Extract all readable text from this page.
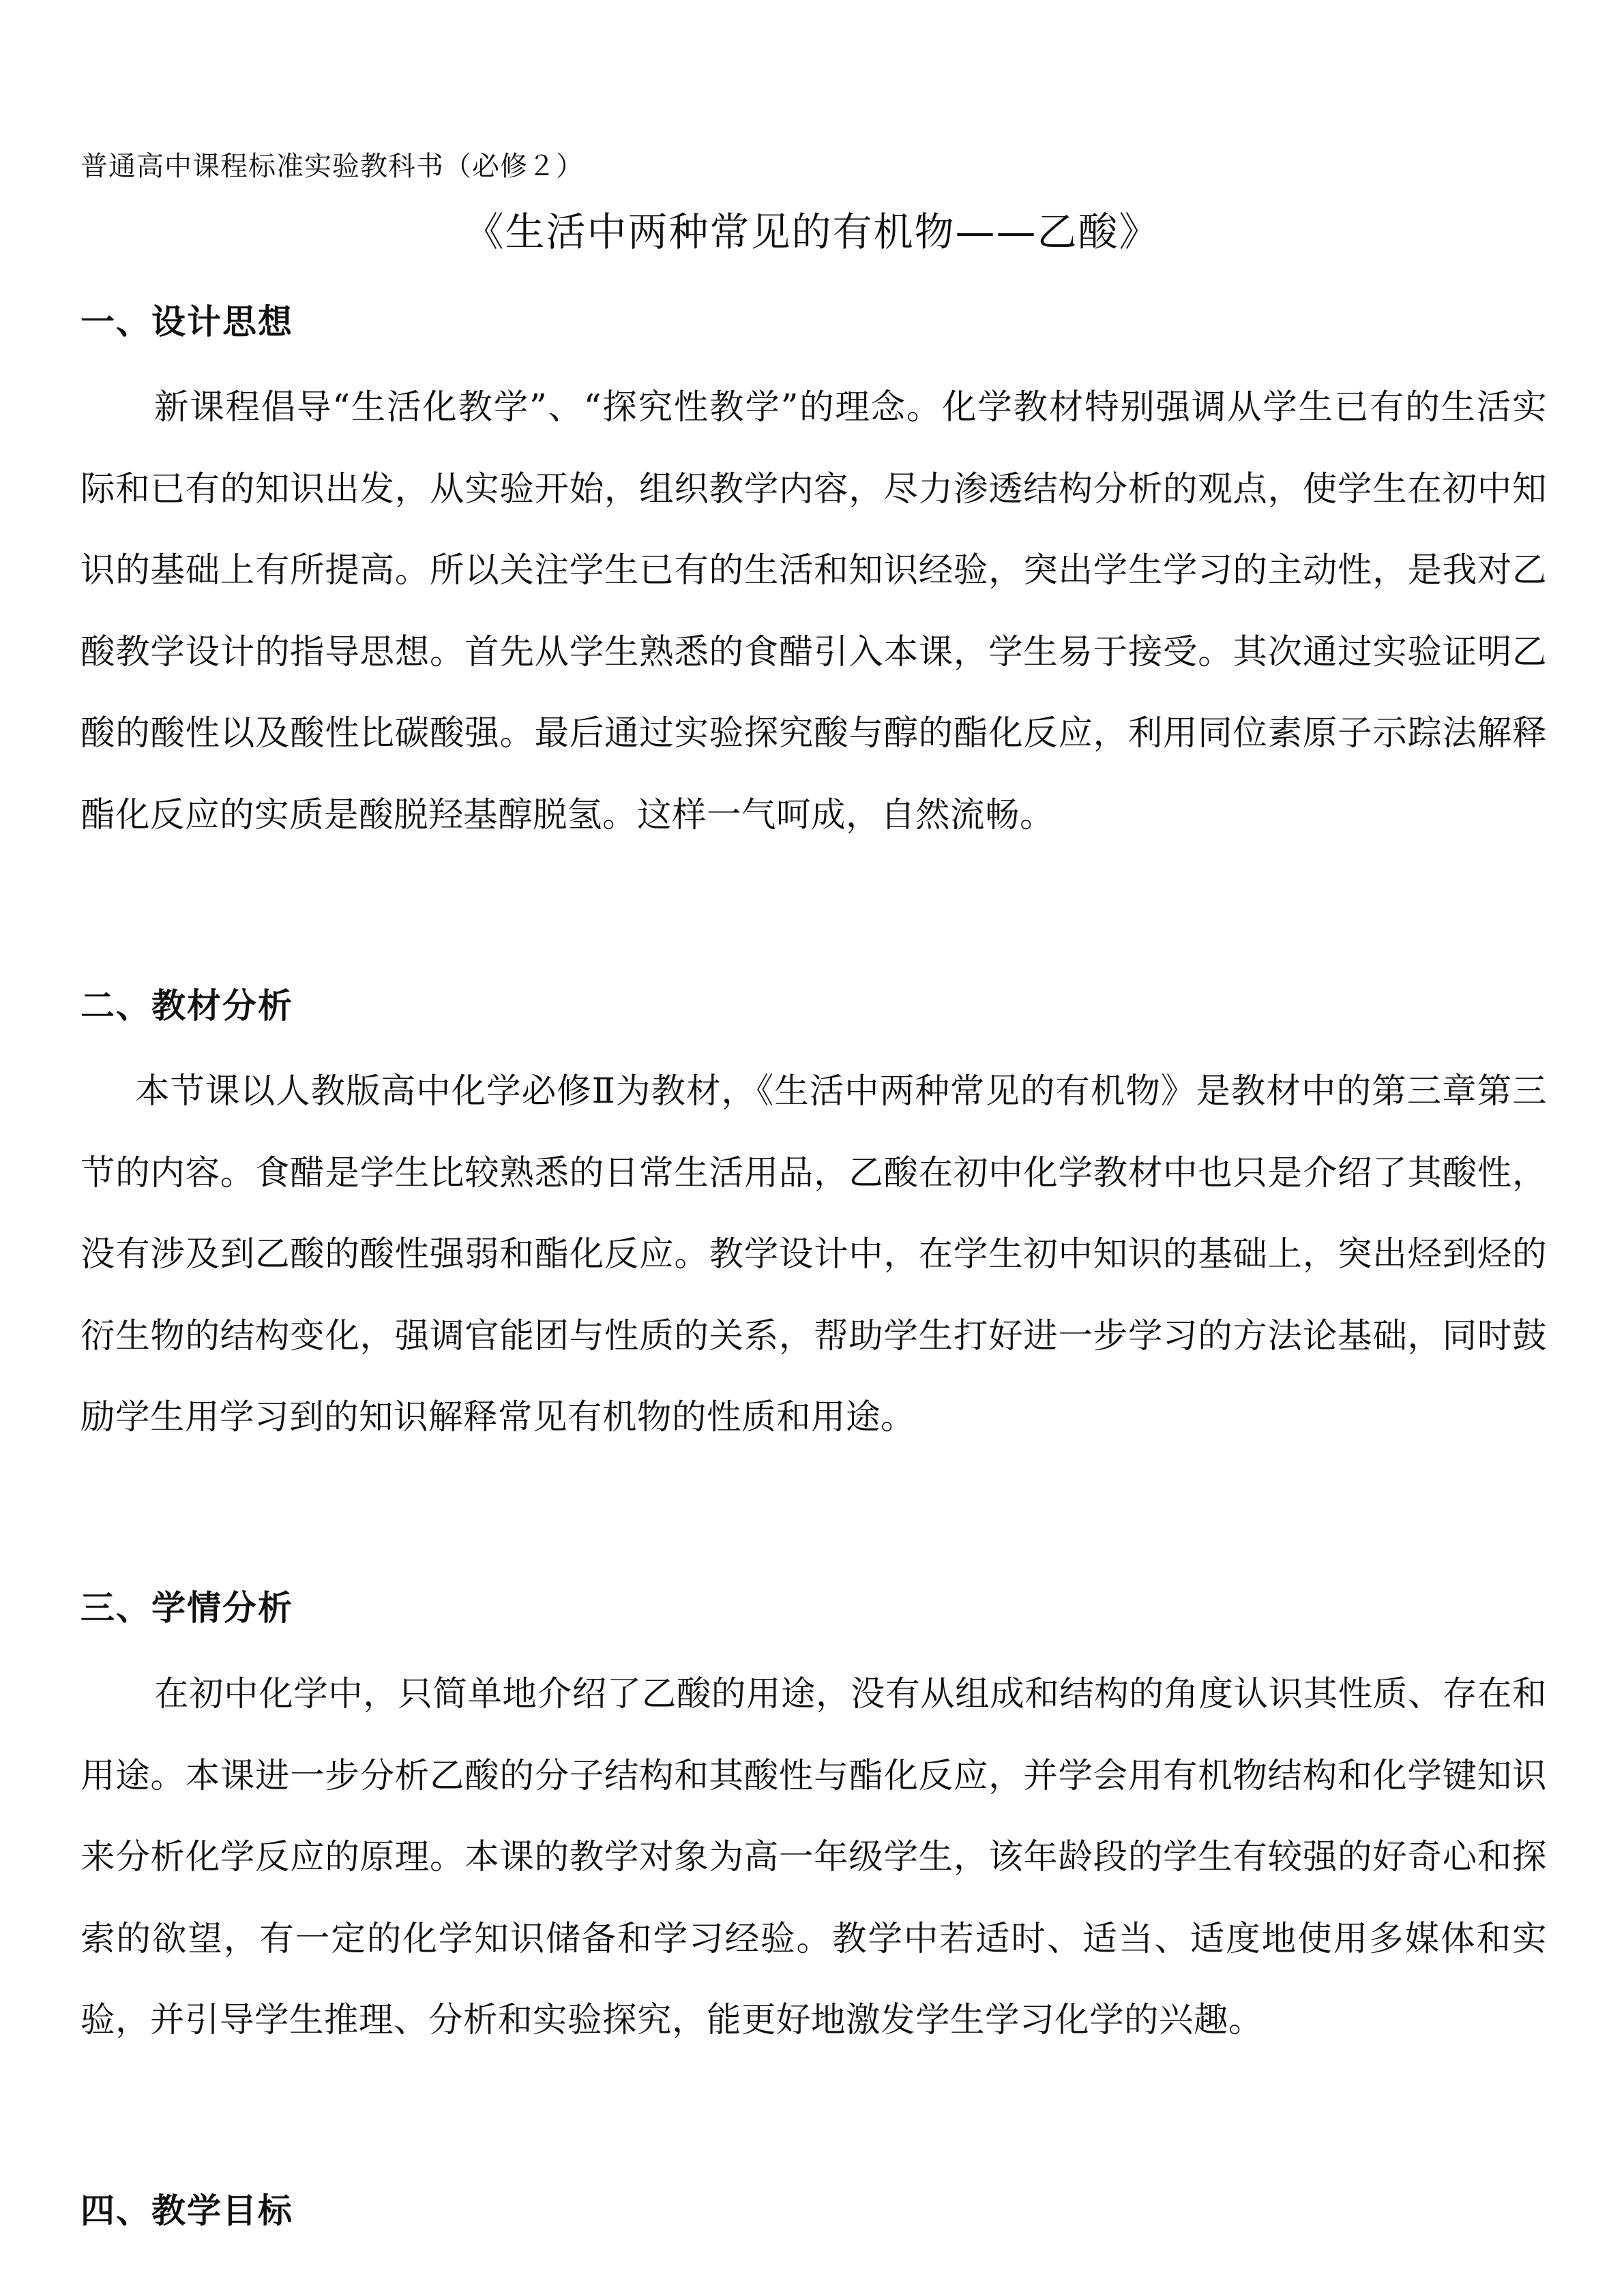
普通高中课程标准实验教科书（必修２）
《生活中两种常见的有机物——乙酸》
一、设计思想
新课程倡导“生活化教学”、“探究性教学”的理念。化学教材特别强调从学生已有的生活实际和已有的知识出发，从实验开始，组织教学内容，尽力渗透结构分析的观点，使学生在初中知识的基础上有所提高。所以关注学生已有的生活和知识经验，突出学生学习的主动性，是我对乙酸教学设计的指导思想。首先从学生熟悉的食醋引入本课，学生易于接受。其次通过实验证明乙酸的酸性以及酸性比碳酸强。最后通过实验探究酸与醇的酯化反应，利用同位素原子示踪法解释酯化反应的实质是酸脱羟基醇脱氢。这样一气呵成，自然流畅。
二、教材分析
本节课以人教版高中化学必修Ⅱ为教材，《生活中两种常见的有机物》是教材中的第三章第三节的内容。食醋是学生比较熟悉的日常生活用品，乙酸在初中化学教材中也只是介绍了其酸性，没有涉及到乙酸的酸性强弱和酯化反应。教学设计中，在学生初中知识的基础上，突出烃到烃的衍生物的结构变化，强调官能团与性质的关系，帮助学生打好进一步学习的方法论基础，同时鼓励学生用学习到的知识解释常见有机物的性质和用途。
三、学情分析
在初中化学中，只简单地介绍了乙酸的用途，没有从组成和结构的角度认识其性质、存在和用途。本课进一步分析乙酸的分子结构和其酸性与酯化反应，并学会用有机物结构和化学键知识来分析化学反应的原理。本课的教学对象为高一年级学生，该年龄段的学生有较强的好奇心和探索的欲望，有一定的化学知识储备和学习经验。教学中若适时、适当、适度地使用多媒体和实验，并引导学生推理、分析和实验探究，能更好地激发学生学习化学的兴趣。
四、教学目标
